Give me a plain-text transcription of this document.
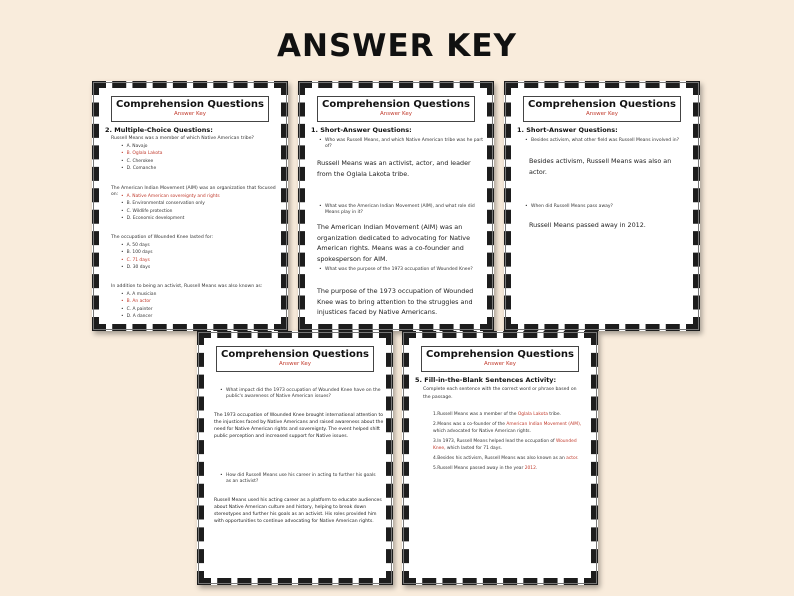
ANSWER KEY
Comprehension Questions
Answer Key
2. Multiple-Choice Questions:
Russell Means was a member of which Native American tribe?
• A. Navajo
• B. Oglala Lakota
• C. Cherokee
• D. Comanche
The American Indian Movement (AIM) was an organization that focused on:
•	A. Native American sovereignty and rights
• B. Environmental conservation only
• C. Wildlife protection
• D. Economic development
The occupation of Wounded Knee lasted for:
• A. 50 days
• B. 100 days
• C. 71 days
• D. 30 days
In addition to being an activist, Russell Means was also known as:
• A. A musician
• B. An actor
• C. A painter
• D. A dancer
Comprehension Questions
Answer Key
1. Short-Answer Questions:
• Who was Russell Means, and which Native American tribe was he part of?
Russell Means was an activist, actor, and leader from the Oglala Lakota tribe.
• What was the American Indian Movement (AIM), and what role did Means play in it?
The American Indian Movement (AIM) was an organization dedicated to advocating for Native American rights. Means was a co-founder and spokesperson for AIM.
• What was the purpose of the 1973 occupation of Wounded Knee?
The purpose of the 1973 occupation of Wounded Knee was to bring attention to the struggles and injustices faced by Native Americans.
Comprehension Questions
Answer Key
1. Short-Answer Questions:
• Besides activism, what other field was Russell Means involved in?
Besides activism, Russell Means was also an actor.
• When did Russell Means pass away?
Russell Means passed away in 2012.
Comprehension Questions
Answer Key
• What impact did the 1973 occupation of Wounded Knee have on the public's awareness of Native American issues?
The 1973 occupation of Wounded Knee brought international attention to the injustices faced by Native Americans and raised awareness about the need for Native American rights and sovereignty. The event helped shift public perception and increased support for Native issues.
• How did Russell Means use his career in acting to further his goals as an activist?
Russell Means used his acting career as a platform to educate audiences about Native American culture and history, helping to break down stereotypes and further his goals as an activist. His roles provided him with opportunities to continue advocating for Native American rights.
Comprehension Questions
Answer Key
5. Fill-in-the-Blank Sentences Activity:
Complete each sentence with the correct word or phrase based on the passage.
1.Russell Means was a member of the Oglala Lakota tribe.
2.Means was a co-founder of the American Indian Movement (AIM), which advocated for Native American rights.
3.In 1973, Russell Means helped lead the occupation of Wounded Knee, which lasted for 71 days.
4.Besides his activism, Russell Means was also known as an actor.
5.Russell Means passed away in the year 2012.
